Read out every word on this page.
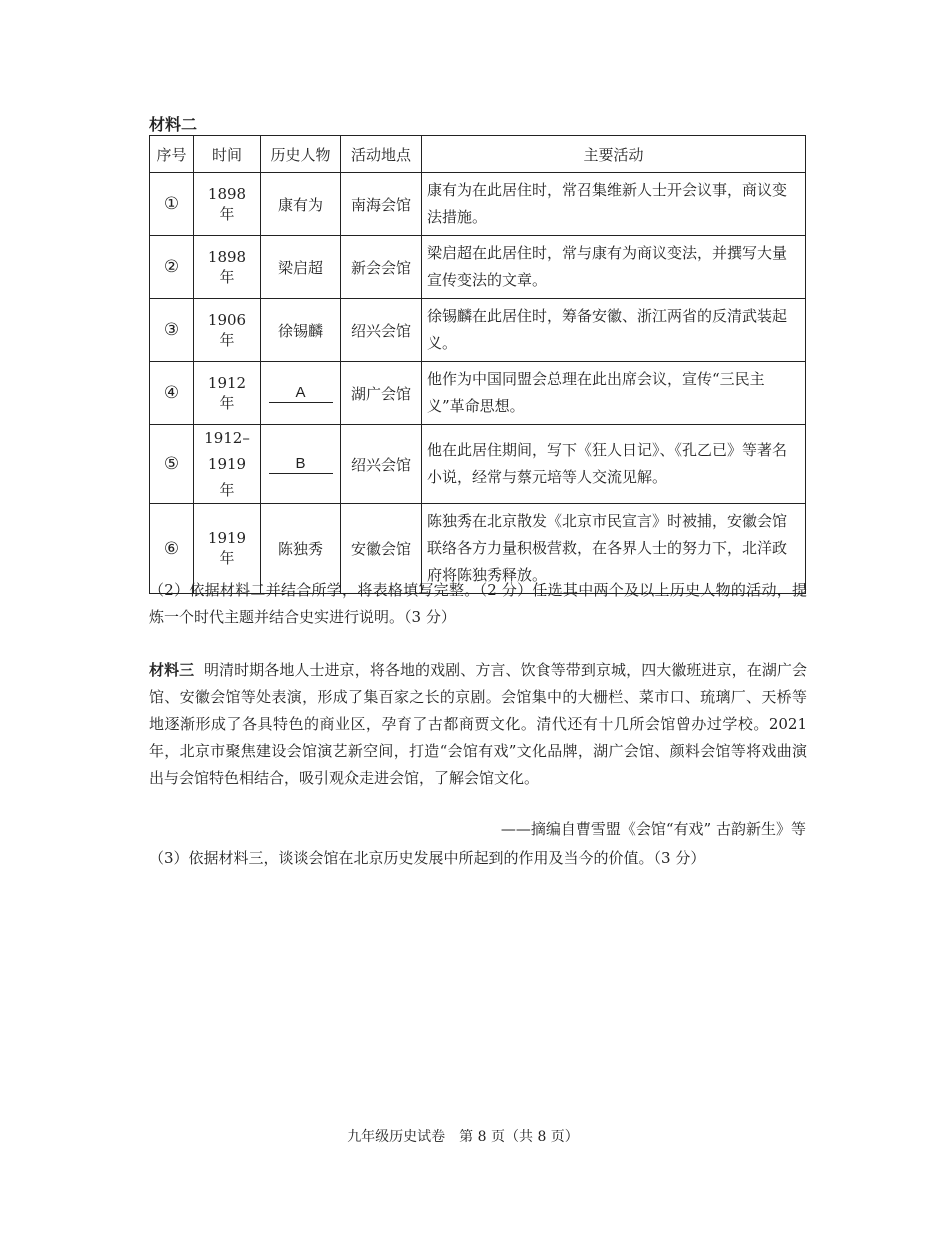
材料二
序号	时间	历史人物	活动地点	主要活动
①	1898 年	康有为	南海会馆	康有为在此居住时，常召集维新人士开会议事，商议变法措施。
②	1898 年	梁启超	新会会馆	梁启超在此居住时，常与康有为商议变法，并撰写大量宣传变法的文章。
③	1906 年	徐锡麟	绍兴会馆	徐锡麟在此居住时，筹备安徽、浙江两省的反清武装起义。
④	1912 年	A	湖广会馆	他作为中国同盟会总理在此出席会议，宣传“三民主义”革命思想。
⑤	1912–1919 年	B	绍兴会馆	他在此居住期间，写下《狂人日记》、《孔乙已》等著名小说，经常与蔡元培等人交流见解。
⑥	1919 年	陈独秀	安徽会馆	陈独秀在北京散发《北京市民宣言》时被捕，安徽会馆联络各方力量积极营救，在各界人士的努力下，北洋政府将陈独秀释放。
（2）依据材料二并结合所学，将表格填写完整。（2 分）任选其中两个及以上历史人物的活动，提炼一个时代主题并结合史实进行说明。（3 分）
材料三 明清时期各地人士进京，将各地的戏剧、方言、饮食等带到京城，四大徽班进京，在湖广会馆、安徽会馆等处表演，形成了集百家之长的京剧。会馆集中的大栅栏、菜市口、琉璃厂、天桥等地逐渐形成了各具特色的商业区，孕育了古都商贾文化。清代还有十几所会馆曾办过学校。2021 年，北京市聚焦建设会馆演艺新空间，打造“会馆有戏”文化品牌，湖广会馆、颜料会馆等将戏曲演出与会馆特色相结合，吸引观众走进会馆，了解会馆文化。
——摘编自曹雪盟《会馆“有戏” 古韵新生》等
（3）依据材料三，谈谈会馆在北京历史发展中所起到的作用及当今的价值。（3 分）
九年级历史试卷　第 8 页（共 8 页）
